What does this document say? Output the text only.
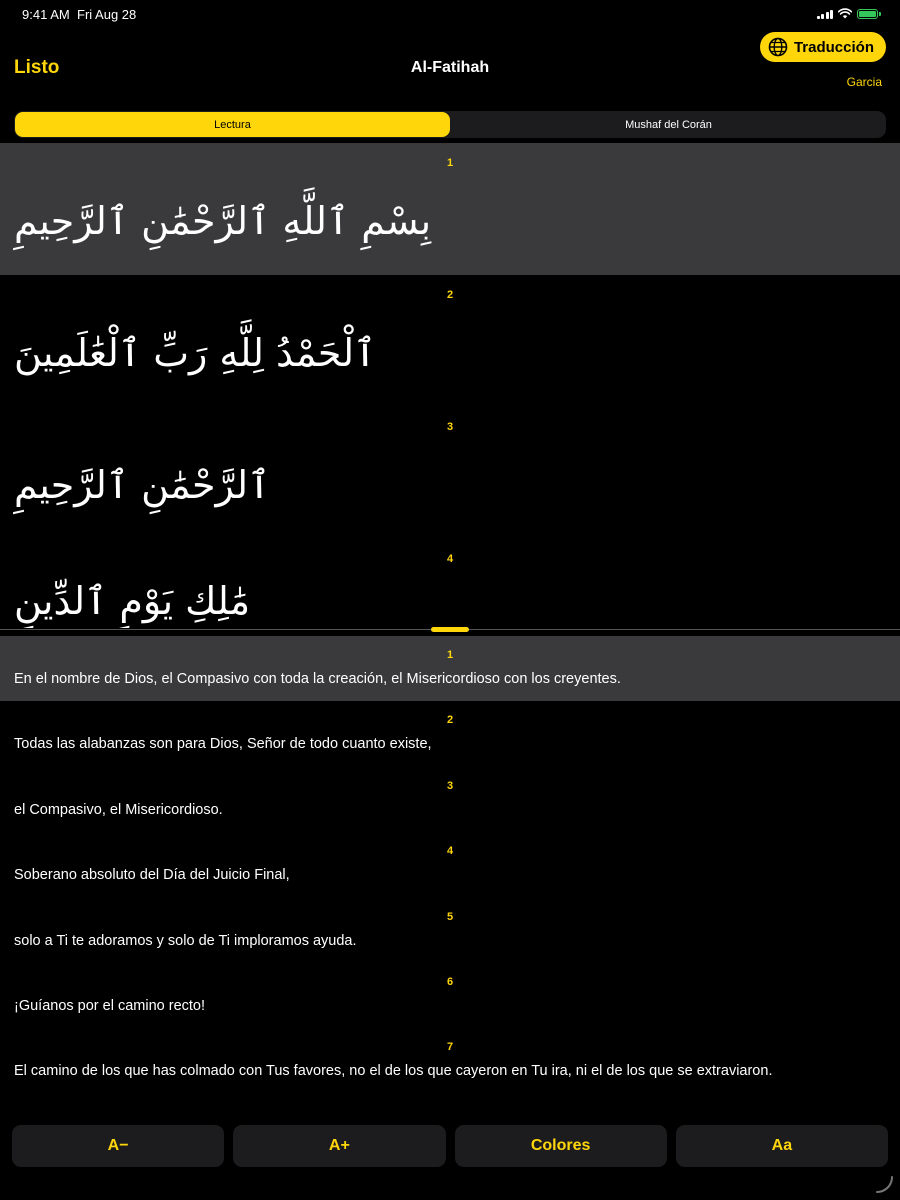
9:41 AM Fri Aug 28
Listo	Al-Fatihah
Traducción
Garcia
Lectura	Mushaf del Corán
1
بِسْمِ ٱللَّهِ ٱلرَّحْمَٰنِ ٱلرَّحِيمِ
2
ٱلْحَمْدُ لِلَّهِ رَبِّ ٱلْعَٰلَمِينَ
3
ٱلرَّحْمَٰنِ ٱلرَّحِيمِ
4
مَٰلِكِ يَوْمِ ٱلدِّينِ
1
En el nombre de Dios, el Compasivo con toda la creación, el Misericordioso con los creyentes.
2
Todas las alabanzas son para Dios, Señor de todo cuanto existe,
3
el Compasivo, el Misericordioso.
4
Soberano absoluto del Día del Juicio Final,
5
solo a Ti te adoramos y solo de Ti imploramos ayuda.
6
¡Guíanos por el camino recto!
7
El camino de los que has colmado con Tus favores, no el de los que cayeron en Tu ira, ni el de los que se extraviaron.
A−	A+	Colores	Aa
